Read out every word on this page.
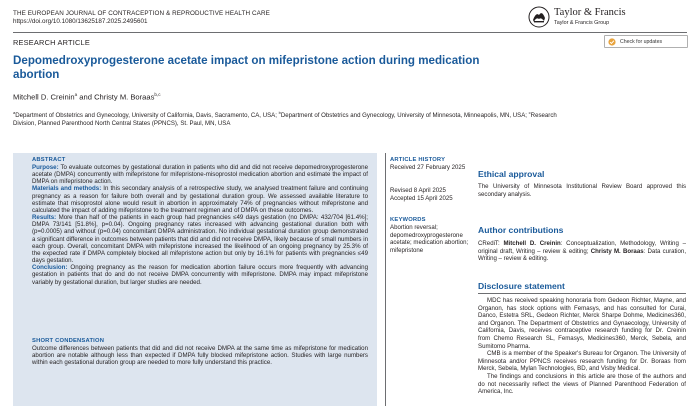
THE EUROPEAN JOURNAL OF CONTRACEPTION & REPRODUCTIVE HEALTH CARE
https://doi.org/10.1080/13625187.2025.2495601
Taylor & Francis
Taylor & Francis Group
RESEARCH ARTICLE	Check for updates
Depomedroxyprogesterone acetate impact on mifepristone action during medication abortion
Mitchell D. Creinin$^a$ and Christy M. Boraas$^{b,c}$
$^a$Department of Obstetrics and Gynecology, University of California, Davis, Sacramento, CA, USA; $^b$Department of Obstetrics and Gynecology, University of Minnesota, Minneapolis, MN, USA; $^c$Research Division, Planned Parenthood North Central States (PPNCS), St. Paul, MN, USA
ABSTRACT
Purpose: To evaluate outcomes by gestational duration in patients who did and did not receive depomedroxyprogesterone acetate (DMPA) concurrently with mifepristone for mifepristone-misoprostol medication abortion and estimate the impact of DMPA on mifepristone action.
Materials and methods: In this secondary analysis of a retrospective study, we analysed treatment failure and continuing pregnancy as a reason for failure both overall and by gestational duration group. We assessed available literature to estimate that misoprostol alone would result in abortion in approximately 74% of pregnancies without mifepristone and calculated the impact of adding mifepristone to the treatment regimen and of DMPA on these outcomes.
Results: More than half of the patients in each group had pregnancies ≤49 days gestation (no DMPA: 432/704 [61.4%]; DMPA 73/141 [51.8%], p=0.04). Ongoing pregnancy rates increased with advancing gestational duration both with (p=0.0005) and without (p=0.04) concomitant DMPA administration. No individual gestational duration group demonstrated a significant difference in outcomes between patients that did and did not receive DMPA, likely because of small numbers in each group. Overall, concomitant DMPA with mifepristone increased the likelihood of an ongoing pregnancy by 25.3% of the expected rate if DMPA completely blocked all mifepristone action but only by 16.1% for patients with pregnancies ≤49 days gestation.
Conclusion: Ongoing pregnancy as the reason for medication abortion failure occurs more frequently with advancing gestation in patients that do and do not receive DMPA concurrently with mifepristone. DMPA may impact mifepristone variably by gestational duration, but larger studies are needed.
SHORT CONDENSATION
Outcome differences between patients that did and did not receive DMPA at the same time as mifepristone for medication abortion are notable although less than expected if DMPA fully blocked mifepristone action. Studies with large numbers within each gestational duration group are needed to more fully understand this practice.
ARTICLE HISTORY
Received 27 February 2025
Revised 8 April 2025
Accepted 15 April 2025
KEYWORDS
Abortion reversal; depomedroxyprogesterone acetate; medication abortion; mifepristone
Ethical approval
The University of Minnesota Institutional Review Board approved this secondary analysis.
Author contributions
CRediT: Mitchell D. Creinin: Conceptualization, Methodology, Writing – original draft, Writing – review & editing; Christy M. Boraas: Data curation, Writing – review & editing.
Disclosure statement
MDC has received speaking honoraria from Gedeon Richter, Mayne, and Organon, has stock options with Femasys, and has consulted for Curai, Danco, Estetra SRL, Gedeon Richter, Merck Sharpe Dohme, Medicines360, and Organon. The Department of Obstetrics and Gynaecology, University of California, Davis, receives contraceptive research funding for Dr. Creinin from Chemo Research SL, Femasys, Medicines360, Merck, Sebela, and Sumitomo Pharma.
CMB is a member of the Speaker's Bureau for Organon. The University of Minnesota and/or PPNCS receives research funding for Dr. Boraas from Merck, Sebela, Mylan Technologies, BD, and Visby Medical.
The findings and conclusions in this article are those of the authors and do not necessarily reflect the views of Planned Parenthood Federation of America, Inc.
